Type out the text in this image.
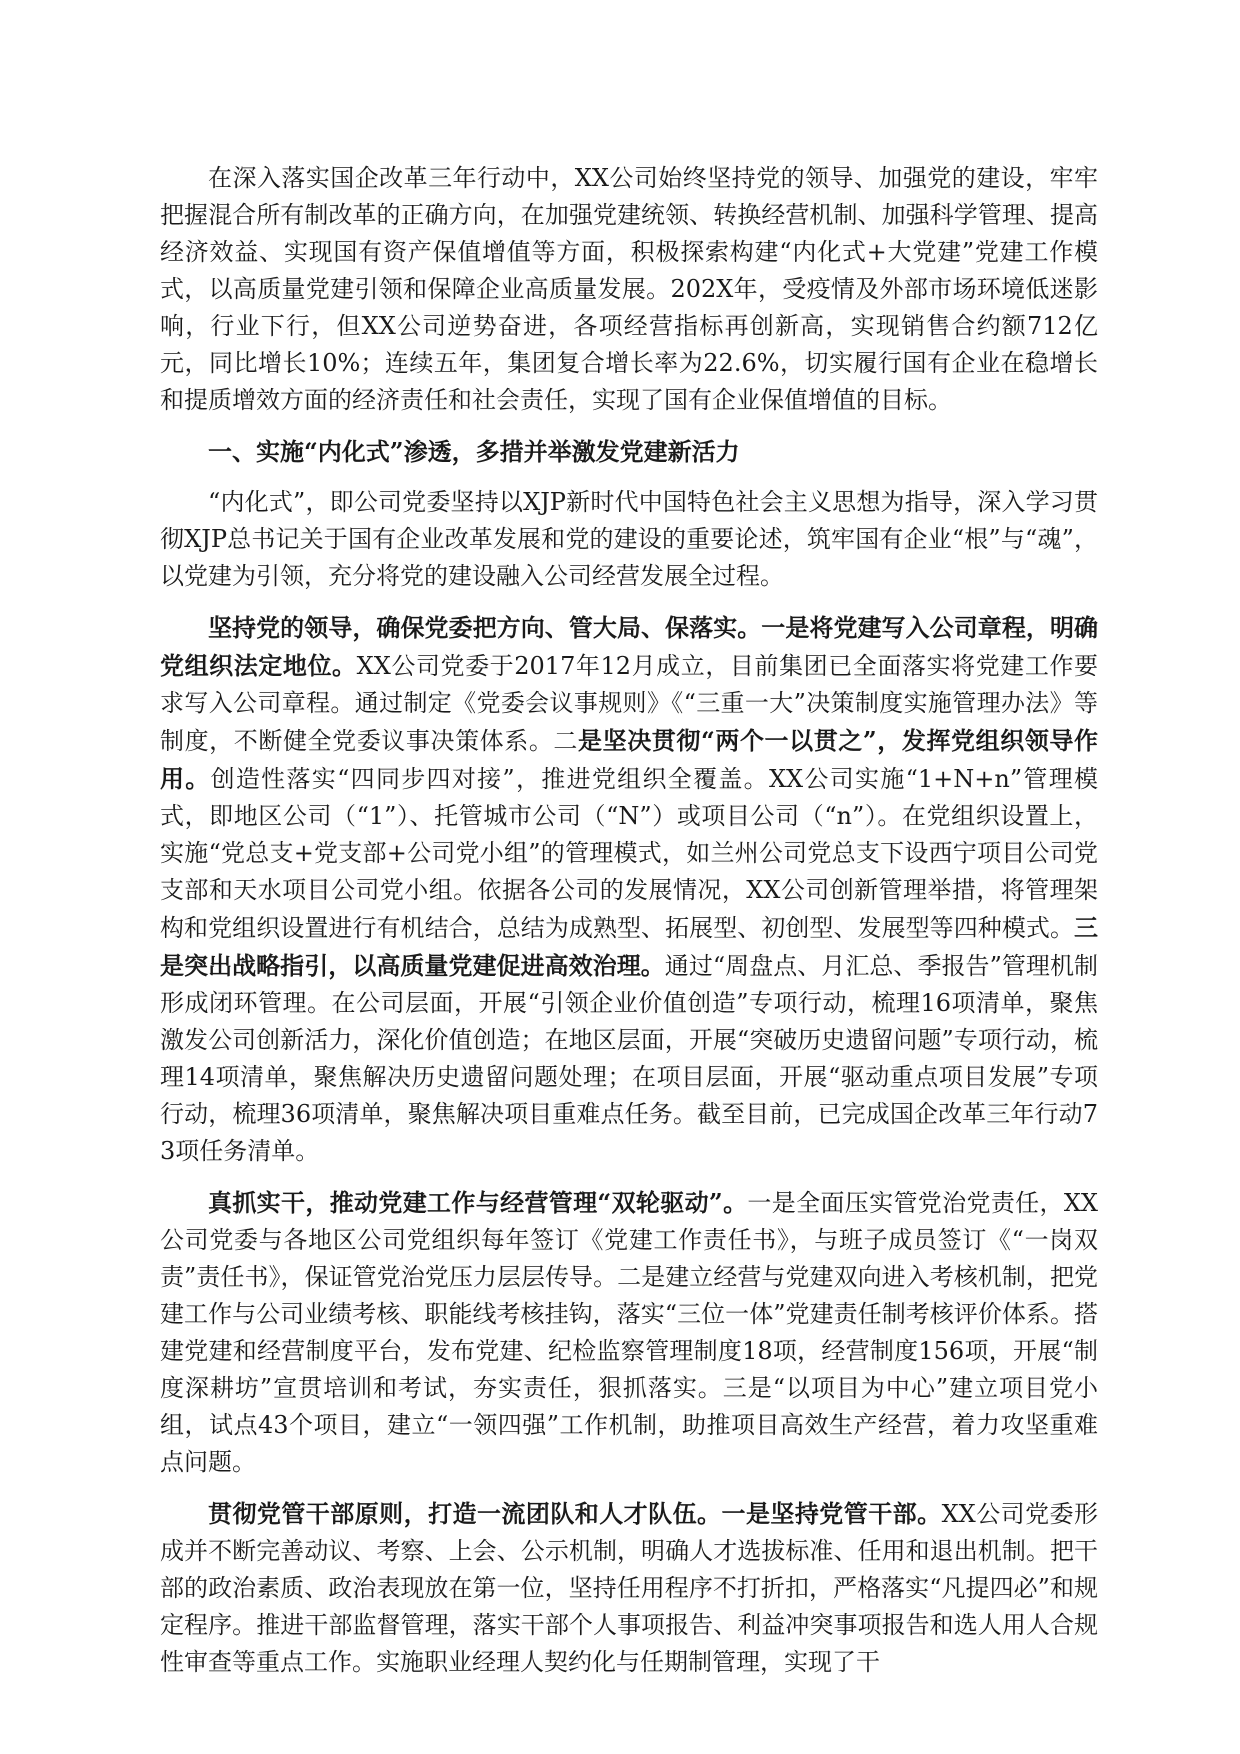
在深入落实国企改革三年行动中，XX公司始终坚持党的领导、加强党的建设，牢牢把握混合所有制改革的正确方向，在加强党建统领、转换经营机制、加强科学管理、提高经济效益、实现国有资产保值增值等方面，积极探索构建“内化式+大党建”党建工作模式，以高质量党建引领和保障企业高质量发展。202X年，受疫情及外部市场环境低迷影响，行业下行，但XX公司逆势奋进，各项经营指标再创新高，实现销售合约额712亿元，同比增长10%；连续五年，集团复合增长率为22.6%，切实履行国有企业在稳增长和提质增效方面的经济责任和社会责任，实现了国有企业保值增值的目标。

一、实施“内化式”渗透，多措并举激发党建新活力

“内化式”，即公司党委坚持以XJP新时代中国特色社会主义思想为指导，深入学习贯彻XJP总书记关于国有企业改革发展和党的建设的重要论述，筑牢国有企业“根”与“魂”，以党建为引领，充分将党的建设融入公司经营发展全过程。

坚持党的领导，确保党委把方向、管大局、保落实。一是将党建写入公司章程，明确党组织法定地位。XX公司党委于2017年12月成立，目前集团已全面落实将党建工作要求写入公司章程。通过制定《党委会议事规则》《“三重一大”决策制度实施管理办法》等制度，不断健全党委议事决策体系。二是坚决贯彻“两个一以贯之”，发挥党组织领导作用。创造性落实“四同步四对接”，推进党组织全覆盖。XX公司实施“1+N+n”管理模式，即地区公司（“1”）、托管城市公司（“N”）或项目公司（“n”）。在党组织设置上，实施“党总支+党支部+公司党小组”的管理模式，如兰州公司党总支下设西宁项目公司党支部和天水项目公司党小组。依据各公司的发展情况，XX公司创新管理举措，将管理架构和党组织设置进行有机结合，总结为成熟型、拓展型、初创型、发展型等四种模式。三是突出战略指引，以高质量党建促进高效治理。通过“周盘点、月汇总、季报告”管理机制形成闭环管理。在公司层面，开展“引领企业价值创造”专项行动，梳理16项清单，聚焦激发公司创新活力，深化价值创造；在地区层面，开展“突破历史遗留问题”专项行动，梳理14项清单，聚焦解决历史遗留问题处理；在项目层面，开展“驱动重点项目发展”专项行动，梳理36项清单，聚焦解决项目重难点任务。截至目前，已完成国企改革三年行动73项任务清单。

真抓实干，推动党建工作与经营管理“双轮驱动”。一是全面压实管党治党责任，XX公司党委与各地区公司党组织每年签订《党建工作责任书》，与班子成员签订《“一岗双责”责任书》，保证管党治党压力层层传导。二是建立经营与党建双向进入考核机制，把党建工作与公司业绩考核、职能线考核挂钩，落实“三位一体”党建责任制考核评价体系。搭建党建和经营制度平台，发布党建、纪检监察管理制度18项，经营制度156项，开展“制度深耕坊”宣贯培训和考试，夯实责任，狠抓落实。三是“以项目为中心”建立项目党小组，试点43个项目，建立“一领四强”工作机制，助推项目高效生产经营，着力攻坚重难点问题。

贯彻党管干部原则，打造一流团队和人才队伍。一是坚持党管干部。XX公司党委形成并不断完善动议、考察、上会、公示机制，明确人才选拔标准、任用和退出机制。把干部的政治素质、政治表现放在第一位，坚持任用程序不打折扣，严格落实“凡提四必”和规定程序。推进干部监督管理，落实干部个人事项报告、利益冲突事项报告和选人用人合规性审查等重点工作。实施职业经理人契约化与任期制管理，实现了干
